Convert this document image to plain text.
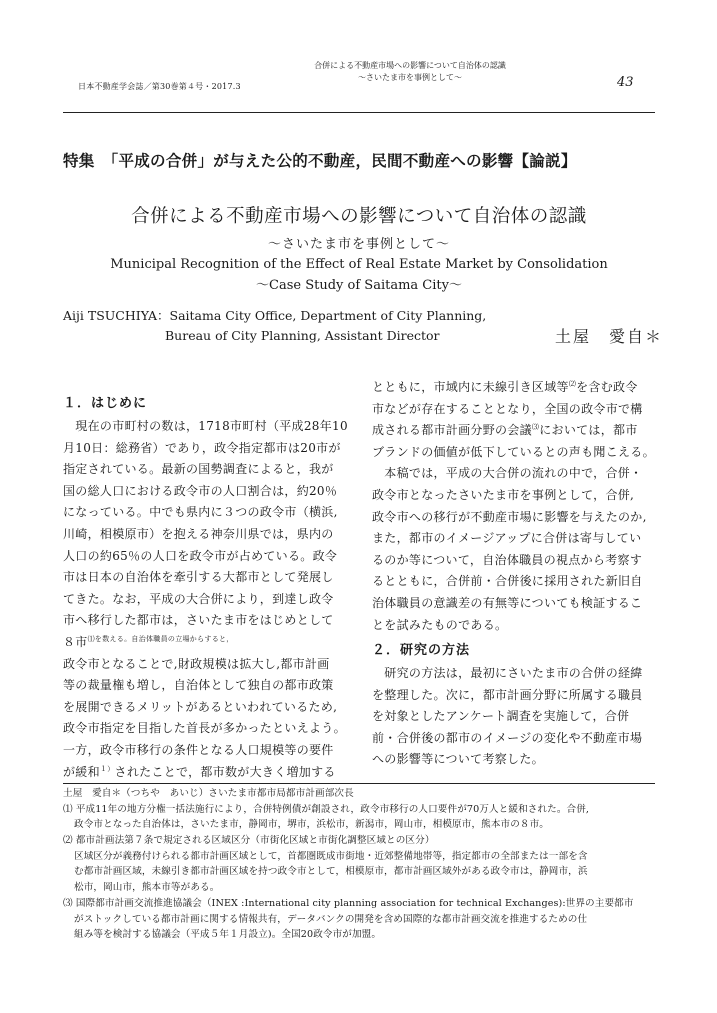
日本不動産学会誌／第30巻第４号・2017.3
合併による不動産市場への影響について自治体の認識
〜さいたま市を事例として〜	43
特集　「平成の合併」が与えた公的不動産，民間不動産への影響【論説】
合併による不動産市場への影響について自治体の認識
〜さいたま市を事例として〜
Municipal Recognition of the Effect of Real Estate Market by Consolidation
〜Case Study of Saitama City〜
Aiji TSUCHIYA：Saitama City Office, Department of City Planning,
Bureau of City Planning, Assistant Director	土屋　愛自＊
１．はじめに
　現在の市町村の数は，1718市町村（平成28年10
月10日：総務省）であり，政令指定都市は20市が
指定されている。最新の国勢調査によると，我が
国の総人口における政令市の人口割合は，約20％
になっている。中でも県内に３つの政令市（横浜,
川崎，相模原市）を抱える神奈川県では，県内の
人口の約65％の人口を政令市が占めている。政令
市は日本の自治体を牽引する大都市として発展し
てきた。なお，平成の大合併により，到達し政令
市へ移行した都市は，さいたま市をはじめとして
８市$^{⑴を数える。自治体職員の立場からすると,}$
政令市となることで,財政規模は拡大し,都市計画
等の裁量権も増し，自治体として独自の都市政策
を展開できるメリットがあるといわれているため,
政令市指定を目指した首長が多かったといえよう。
一方，政令市移行の条件となる人口規模等の要件
が緩和$^{1)}$されたことで，都市数が大きく増加する
とともに，市域内に未線引き区域等⑵を含む政令
市などが存在することとなり，全国の政令市で構
成される都市計画分野の会議⑶においては，都市
ブランドの価値が低下しているとの声も聞こえる。
　本稿では，平成の大合併の流れの中で，合併・
政令市となったさいたま市を事例として，合併,
政令市への移行が不動産市場に影響を与えたのか,
また，都市のイメージアップに合併は寄与してい
るのか等について，自治体職員の視点から考察す
るとともに，合併前・合併後に採用された新旧自
治体職員の意識差の有無等についても検証するこ
とを試みたものである。
２．研究の方法
　研究の方法は，最初にさいたま市の合併の経緯
を整理した。次に，都市計画分野に所属する職員
を対象としたアンケート調査を実施して，合併
前・合併後の都市のイメージの変化や不動産市場
への影響等について考察した。
土屋　愛自＊（つちや　あいじ）さいたま市都市局都市計画部次長
⑴ 平成11年の地方分権一括法施行により，合併特例債が創設され，政令市移行の人口要件が70万人と緩和された。合併,
政令市となった自治体は，さいたま市，静岡市，堺市，浜松市，新潟市，岡山市，相模原市，熊本市の８市。
⑵ 都市計画法第７条で規定される区域区分（市街化区域と市街化調整区域との区分）
区域区分が義務付けられる都市計画区域として，首都圏既成市街地・近郊整備地帯等，指定都市の全部または一部を含
む都市計画区域，未線引き都市計画区域を持つ政令市として，相模原市，都市計画区域外がある政令市は，静岡市，浜
松市，岡山市，熊本市等がある。
⑶ 国際都市計画交流推進協議会（INEX :International city planning association for technical Exchanges):世界の主要都市
がストックしている都市計画に関する情報共有，データバンクの開発を含め国際的な都市計画交流を推進するための仕
組み等を検討する協議会（平成５年１月設立)。全国20政令市が加盟。
